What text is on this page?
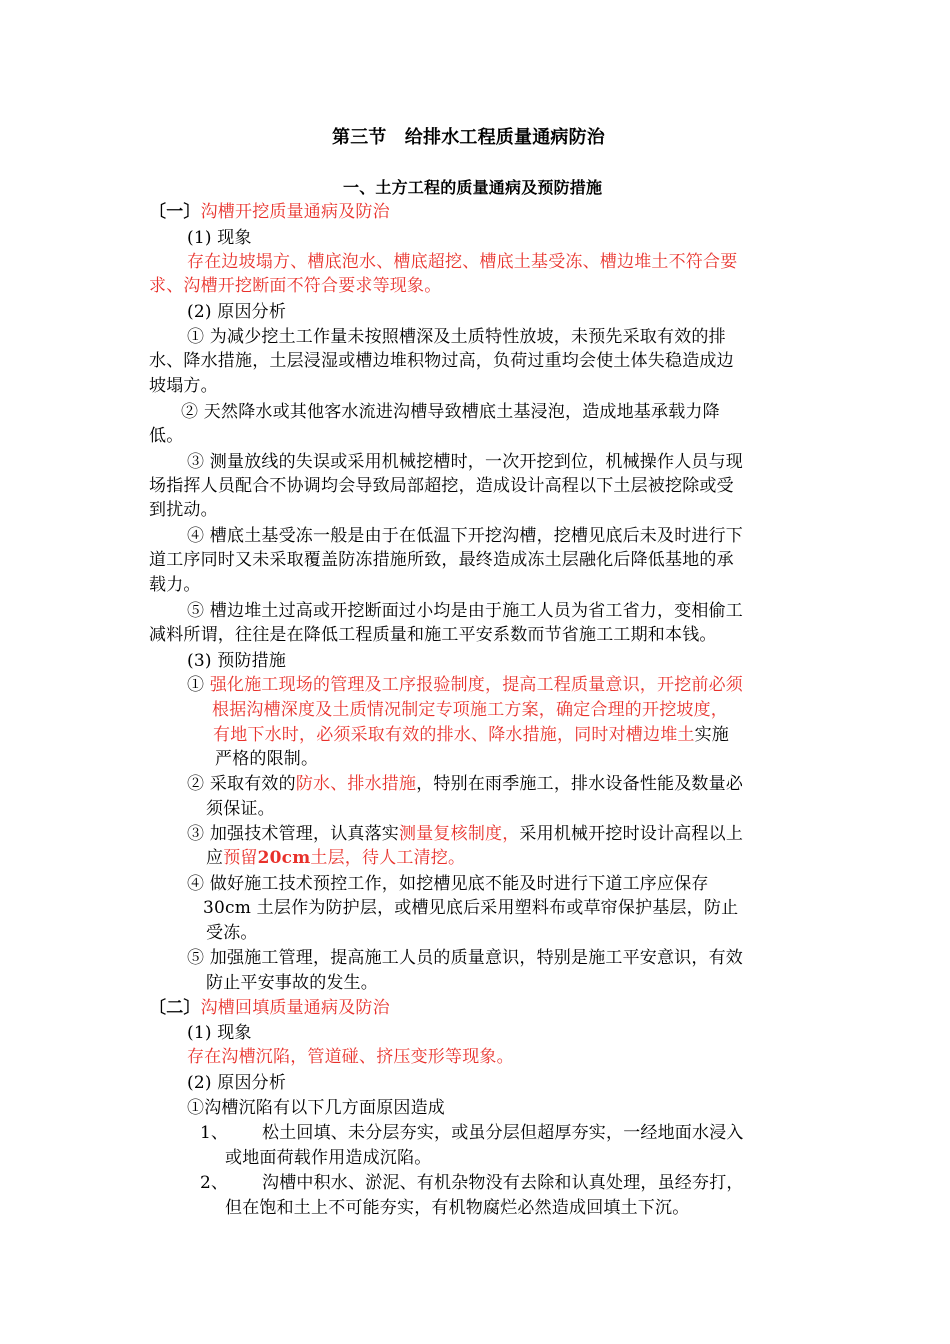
第三节　给排水工程质量通病防治
一、土方工程的质量通病及预防措施
〔一〕沟槽开挖质量通病及防治
(1) 现象
存在边坡塌方、槽底泡水、槽底超挖、槽底土基受冻、槽边堆土不符合要
求、沟槽开挖断面不符合要求等现象。
(2) 原因分析
① 为减少挖土工作量未按照槽深及土质特性放坡，未预先采取有效的排
水、降水措施，土层浸湿或槽边堆积物过高，负荷过重均会使土体失稳造成边
坡塌方。
② 天然降水或其他客水流进沟槽导致槽底土基浸泡，造成地基承载力降
低。
③ 测量放线的失误或采用机械挖槽时，一次开挖到位，机械操作人员与现
场指挥人员配合不协调均会导致局部超挖，造成设计高程以下土层被挖除或受
到扰动。
④ 槽底土基受冻一般是由于在低温下开挖沟槽，挖槽见底后未及时进行下
道工序同时又未采取覆盖防冻措施所致，最终造成冻土层融化后降低基地的承
载力。
⑤ 槽边堆土过高或开挖断面过小均是由于施工人员为省工省力，变相偷工
减料所谓，往往是在降低工程质量和施工平安系数而节省施工工期和本钱。
(3) 预防措施
① 强化施工现场的管理及工序报验制度，提高工程质量意识，开挖前必须
根据沟槽深度及土质情况制定专项施工方案，确定合理的开挖坡度，
有地下水时，必须采取有效的排水、降水措施，同时对槽边堆土实施
严格的限制。
② 采取有效的防水、排水措施，特别在雨季施工，排水设备性能及数量必
须保证。
③ 加强技术管理，认真落实测量复核制度，采用机械开挖时设计高程以上
应预留20cm土层，待人工清挖。
④ 做好施工技术预控工作，如挖槽见底不能及时进行下道工序应保存
30cm 土层作为防护层，或槽见底后采用塑料布或草帘保护基层，防止
受冻。
⑤ 加强施工管理，提高施工人员的质量意识，特别是施工平安意识，有效
防止平安事故的发生。
〔二〕沟槽回填质量通病及防治
(1) 现象
存在沟槽沉陷，管道碰、挤压变形等现象。
(2) 原因分析
①沟槽沉陷有以下几方面原因造成
1、 松土回填、未分层夯实，或虽分层但超厚夯实，一经地面水浸入
或地面荷载作用造成沉陷。
2、 沟槽中积水、淤泥、有机杂物没有去除和认真处理，虽经夯打，
但在饱和土上不可能夯实，有机物腐烂必然造成回填土下沉。
